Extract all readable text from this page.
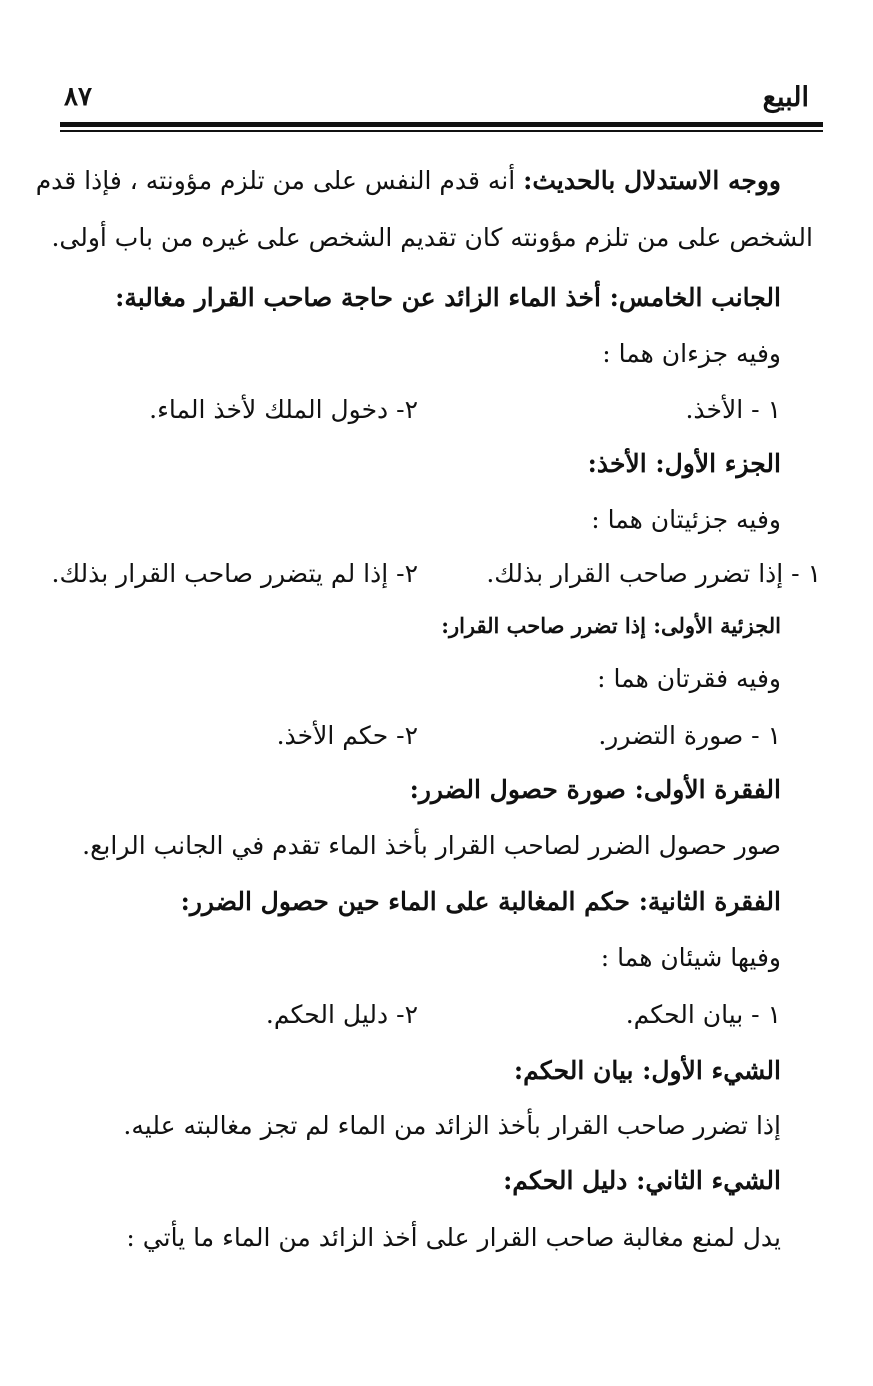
البيع
٨٧
ووجه الاستدلال بالحديث: أنه قدم النفس على من تلزم مؤونته ، فإذا قدم
الشخص على من تلزم مؤونته كان تقديم الشخص على غيره من باب أولى.
الجانب الخامس: أخذ الماء الزائد عن حاجة صاحب القرار مغالبة:
وفيه جزءان هما :
١ - الأخذ.
٢- دخول الملك لأخذ الماء.
الجزء الأول: الأخذ:
وفيه جزئيتان هما :
١ - إذا تضرر صاحب القرار بذلك.
٢- إذا لم يتضرر صاحب القرار بذلك.
الجزئية الأولى: إذا تضرر صاحب القرار:
وفيه فقرتان هما :
١ - صورة التضرر.
٢- حكم الأخذ.
الفقرة الأولى: صورة حصول الضرر:
صور حصول الضرر لصاحب القرار بأخذ الماء تقدم في الجانب الرابع.
الفقرة الثانية: حكم المغالبة على الماء حين حصول الضرر:
وفيها شيئان هما :
١ - بيان الحكم.
٢- دليل الحكم.
الشيء الأول: بيان الحكم:
إذا تضرر صاحب القرار بأخذ الزائد من الماء لم تجز مغالبته عليه.
الشيء الثاني: دليل الحكم:
يدل لمنع مغالبة صاحب القرار على أخذ الزائد من الماء ما يأتي :
